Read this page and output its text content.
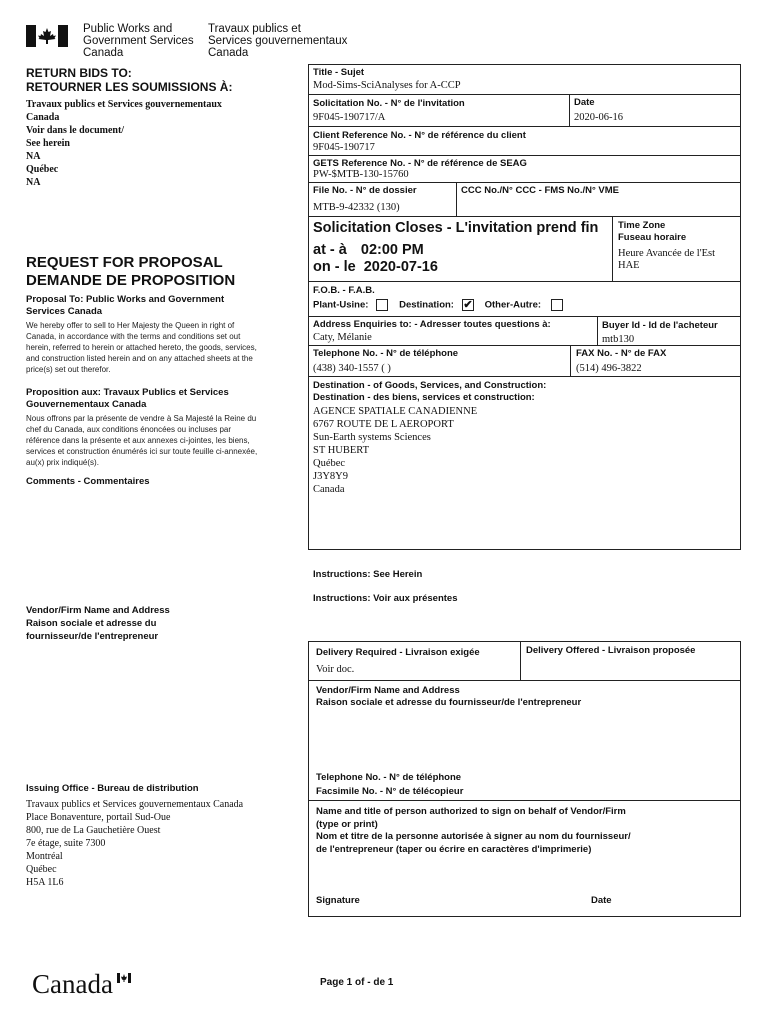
Public Works and
Government Services
Canada
Travaux publics et
Services gouvernementaux
Canada
RETURN BIDS TO:
RETOURNER LES SOUMISSIONS À:
Travaux publics et Services gouvernementaux
Canada
Voir dans le document/
See herein
NA
Québec
NA
REQUEST FOR PROPOSAL
DEMANDE DE PROPOSITION
Proposal To: Public Works and Government Services Canada
We hereby offer to sell to Her Majesty the Queen in right of Canada, in accordance with the terms and conditions set out herein, referred to herein or attached hereto, the goods, services, and construction listed herein and on any attached sheets at the price(s) set out therefor.
Proposition aux: Travaux Publics et Services Gouvernementaux Canada
Nous offrons par la présente de vendre à Sa Majesté la Reine du chef du Canada, aux conditions énoncées ou incluses par référence dans la présente et aux annexes ci-jointes, les biens, services et construction énumérés ici sur toute feuille ci-annexée, au(x) prix indiqué(s).
Comments - Commentaires
Vendor/Firm Name and Address
Raison sociale et adresse du
fournisseur/de l'entrepreneur
Issuing Office - Bureau de distribution
Travaux publics et Services gouvernementaux Canada
Place Bonaventure, portail Sud-Oue
800, rue de La Gauchetière Ouest
7e étage, suite 7300
Montréal
Québec
H5A 1L6
Title - Sujet
Mod-Sims-SciAnalyses for A-CCP
Solicitation No. - N° de l'invitation
9F045-190717/A
Date
2020-06-16
Client Reference No. - N° de référence du client
9F045-190717
GETS Reference No. - N° de référence de SEAG
PW-$MTB-130-15760
File No. - N° de dossier
MTB-9-42332 (130)
CCC No./N° CCC - FMS No./N° VME
Solicitation Closes - L'invitation prend fin
at - à 02:00 PM
on - le 2020-07-16
Time Zone
Fuseau horaire
Heure Avancée de l'Est
HAE
F.O.B. - F.A.B.
Plant-Usine:	Destination: ✔ Other-Autre:
Address Enquiries to: - Adresser toutes questions à:
Caty, Mélanie
Buyer Id - Id de l'acheteur
mtb130
Telephone No. - N° de téléphone
(438) 340-1557 ( )
FAX No. - N° de FAX
(514) 496-3822
Destination - of Goods, Services, and Construction:
Destination - des biens, services et construction:
AGENCE SPATIALE CANADIENNE
6767 ROUTE DE L AEROPORT
Sun-Earth systems Sciences
ST HUBERT
Québec
J3Y8Y9
Canada
Instructions: See Herein
Instructions: Voir aux présentes
Delivery Required - Livraison exigée
Voir doc.
Delivery Offered - Livraison proposée
Vendor/Firm Name and Address
Raison sociale et adresse du fournisseur/de l'entrepreneur
Telephone No. - N° de téléphone
Facsimile No. - N° de télécopieur
Name and title of person authorized to sign on behalf of Vendor/Firm
(type or print)
Nom et titre de la personne autorisée à signer au nom du fournisseur/
de l'entrepreneur (taper ou écrire en caractères d'imprimerie)
Signature	Date
Canada	Page 1 of - de 1
